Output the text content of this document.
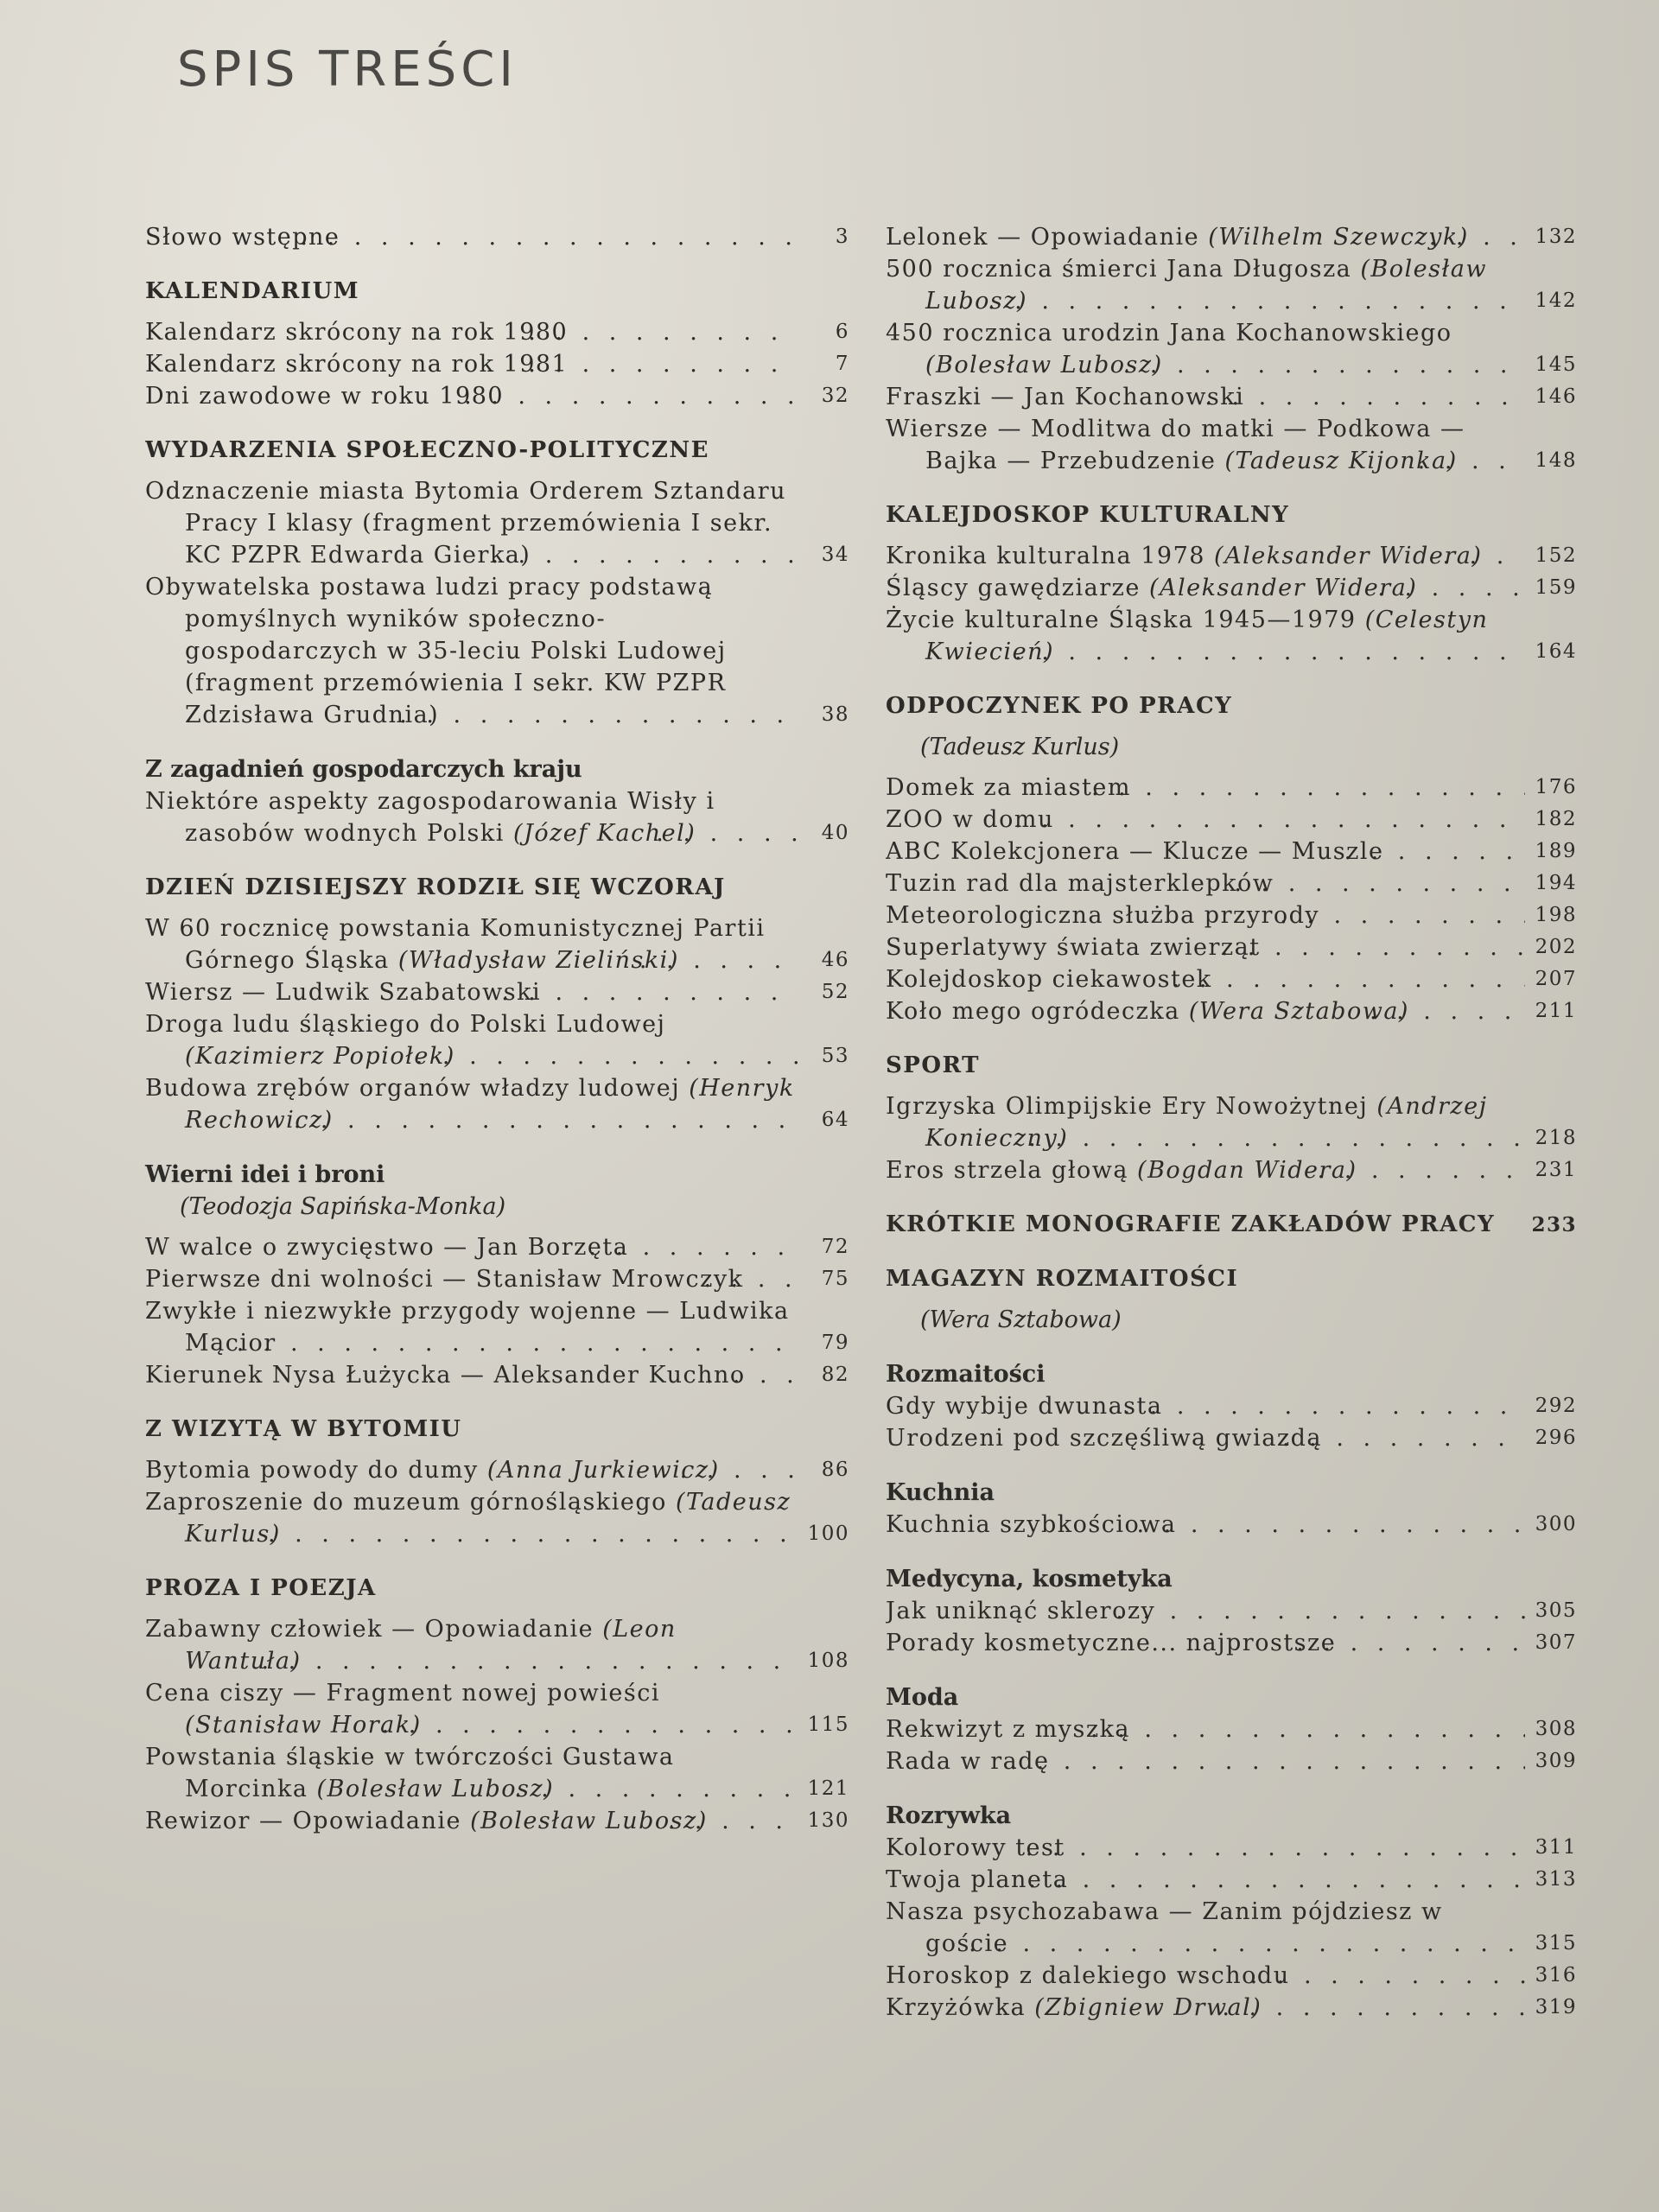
SPIS TREŚCI
Słowo wstępne . . .	3
KALENDARIUM
Kalendarz skrócony na rok 1980 . . .	6
Kalendarz skrócony na rok 1981 . . .	7
Dni zawodowe w roku 1980 . . .	32
WYDARZENIA SPOŁECZNO-POLITYCZNE
Odznaczenie miasta Bytomia Orderem Sztandaru Pracy I klasy (fragment przemówienia I sekr. KC PZPR Edwarda Gierka) . . .	34
Obywatelska postawa ludzi pracy podstawą pomyślnych wyników społeczno-gospodarczych w 35-leciu Polski Ludowej (fragment przemówienia I sekr. KW PZPR Zdzisława Grudnia) . . .	38
Z zagadnień gospodarczych kraju
Niektóre aspekty zagospodarowania Wisły i zasobów wodnych Polski (Józef Kachel) . . .	40
DZIEŃ DZISIEJSZY RODZIŁ SIĘ WCZORAJ
W 60 rocznicę powstania Komunistycznej Partii Górnego Śląska (Władysław Zieliński) . . .	46
Wiersz — Ludwik Szabatowski . . .	52
Droga ludu śląskiego do Polski Ludowej (Kazimierz Popiołek) . . .	53
Budowa zrębów organów władzy ludowej (Henryk Rechowicz) . . .	64
Wierni idei i broni
(Teodozja Sapińska-Monka)
W walce o zwycięstwo — Jan Borzęta . . .	72
Pierwsze dni wolności — Stanisław Mrowczyk . . .	75
Zwykłe i niezwykłe przygody wojenne — Ludwika Mącior . . .	79
Kierunek Nysa Łużycka — Aleksander Kuchno . . .	82
Z WIZYTĄ W BYTOMIU
Bytomia powody do dumy (Anna Jurkiewicz) . . .	86
Zaproszenie do muzeum górnośląskiego (Tadeusz Kurlus) . . .	100
PROZA I POEZJA
Zabawny człowiek — Opowiadanie (Leon Wantuła) . . .	108
Cena ciszy — Fragment nowej powieści (Stanisław Horak) . . .	115
Powstania śląskie w twórczości Gustawa Morcinka (Bolesław Lubosz) . . .	121
Rewizor — Opowiadanie (Bolesław Lubosz) . . .	130
Lelonek — Opowiadanie (Wilhelm Szewczyk) . . .	132
500 rocznica śmierci Jana Długosza (Bolesław Lubosz) . . .	142
450 rocznica urodzin Jana Kochanowskiego (Bolesław Lubosz) . . .	145
Fraszki — Jan Kochanowski . . .	146
Wiersze — Modlitwa do matki — Podkowa — Bajka — Przebudzenie (Tadeusz Kijonka) . . .	148
KALEJDOSKOP KULTURALNY
Kronika kulturalna 1978 (Aleksander Widera) . . .	152
Śląscy gawędziarze (Aleksander Widera) . . .	159
Życie kulturalne Śląska 1945—1979 (Celestyn Kwiecień) . . .	164
ODPOCZYNEK PO PRACY
(Tadeusz Kurlus)
Domek za miastem . . .	176
ZOO w domu . . .	182
ABC Kolekcjonera — Klucze — Muszle . . .	189
Tuzin rad dla majsterklepków . . .	194
Meteorologiczna służba przyrody . . .	198
Superlatywy świata zwierząt . . .	202
Kolejdoskop ciekawostek . . .	207
Koło mego ogródeczka (Wera Sztabowa) . . .	211
SPORT
Igrzyska Olimpijskie Ery Nowożytnej (Andrzej Konieczny) . . .	218
Eros strzela głową (Bogdan Widera) . . .	231
KRÓTKIE MONOGRAFIE ZAKŁADÓW PRACY	233
MAGAZYN ROZMAITOŚCI
(Wera Sztabowa)
Rozmaitości
Gdy wybije dwunasta . . .	292
Urodzeni pod szczęśliwą gwiazdą . . .	296
Kuchnia
Kuchnia szybkościowa . . .	300
Medycyna, kosmetyka
Jak uniknąć sklerozy . . .	305
Porady kosmetyczne... najprostsze . . .	307
Moda
Rekwizyt z myszką . . .	308
Rada w radę . . .	309
Rozrywka
Kolorowy test . . .	311
Twoja planeta . . .	313
Nasza psychozabawa — Zanim pójdziesz w goście . . .	315
Horoskop z dalekiego wschodu . . .	316
Krzyżówka (Zbigniew Drwal) . . .	319
